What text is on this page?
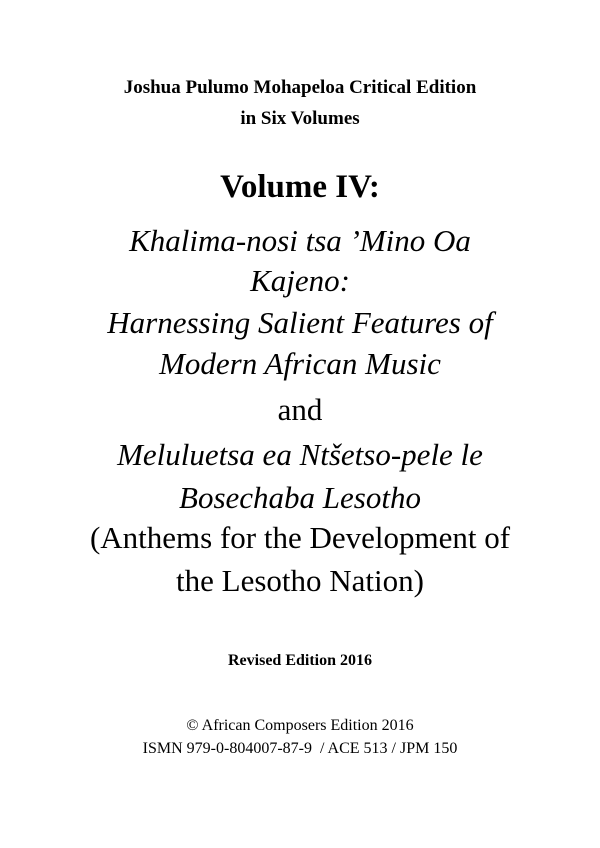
Joshua Pulumo Mohapeloa Critical Edition
in Six Volumes
Volume IV:
Khalima-nosi tsa ’Mino Oa
Kajeno:
Harnessing Salient Features of
Modern African Music
and
Meluluetsa ea Ntšetso-pele le
Bosechaba Lesotho
(Anthems for the Development of
the Lesotho Nation)
Revised Edition 2016
© African Composers Edition 2016
ISMN 979-0-804007-87-9  / ACE 513 / JPM 150
